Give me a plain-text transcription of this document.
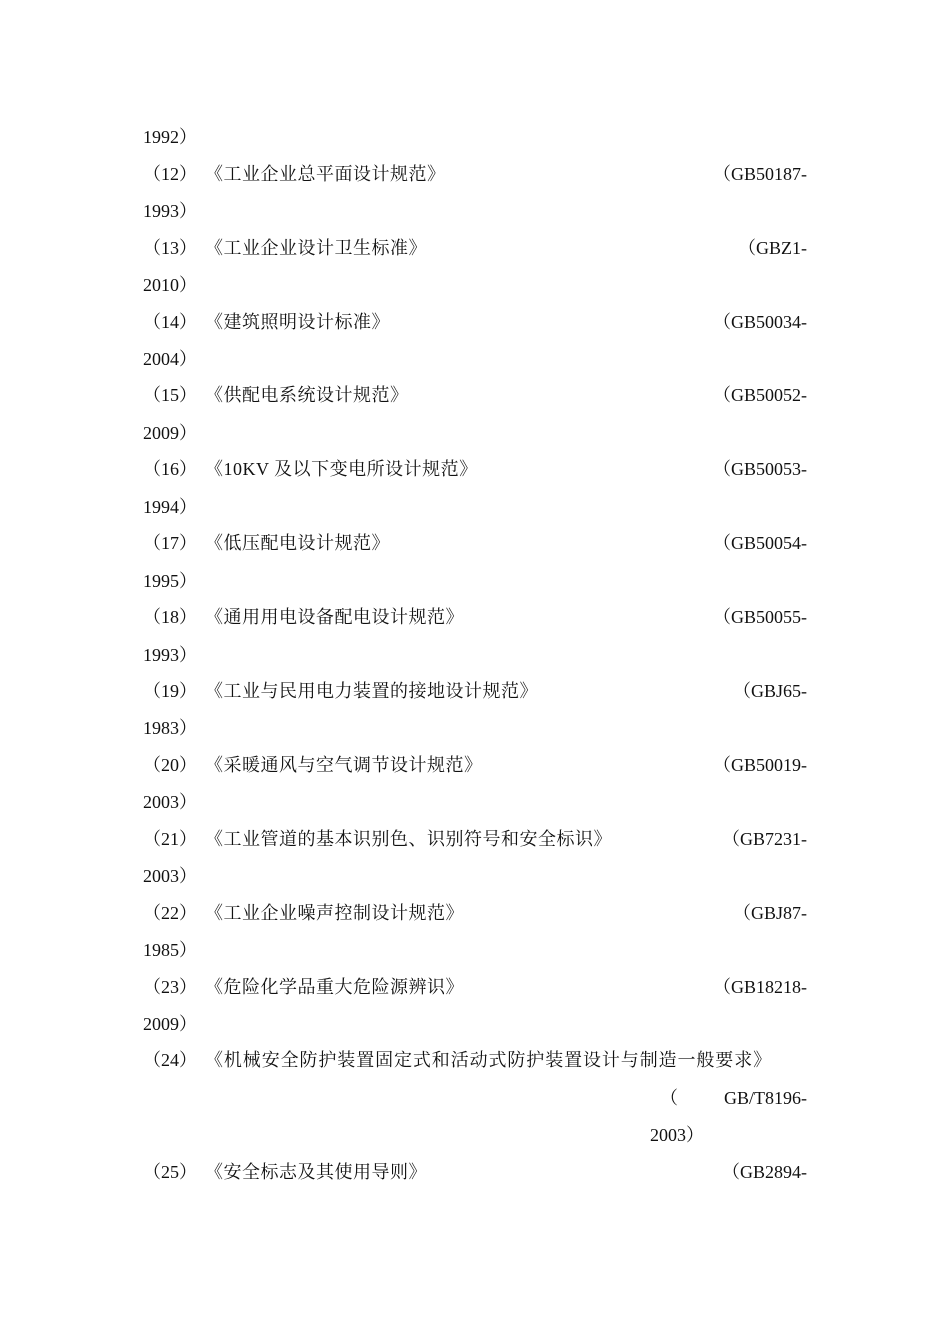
1992）
（12） 《工业企业总平面设计规范》	（GB50187-
1993）
（13） 《工业企业设计卫生标准》	（GBZ1-
2010）
（14） 《建筑照明设计标准》	（GB50034-
2004）
（15） 《供配电系统设计规范》	（GB50052-
2009）
（16） 《10KV 及以下变电所设计规范》	（GB50053-
1994）
（17） 《低压配电设计规范》	（GB50054-
1995）
（18） 《通用用电设备配电设计规范》	（GB50055-
1993）
（19） 《工业与民用电力装置的接地设计规范》	（GBJ65-
1983）
（20） 《采暖通风与空气调节设计规范》	（GB50019-
2003）
（21） 《工业管道的基本识别色、识别符号和安全标识》	（GB7231-
2003）
（22） 《工业企业噪声控制设计规范》	（GBJ87-
1985）
（23） 《危险化学品重大危险源辨识》	（GB18218-
2009）
（24） 《机械安全防护装置固定式和活动式防护装置设计与制造一般要求》
（	GB/T8196-
2003）
（25） 《安全标志及其使用导则》	（GB2894-
